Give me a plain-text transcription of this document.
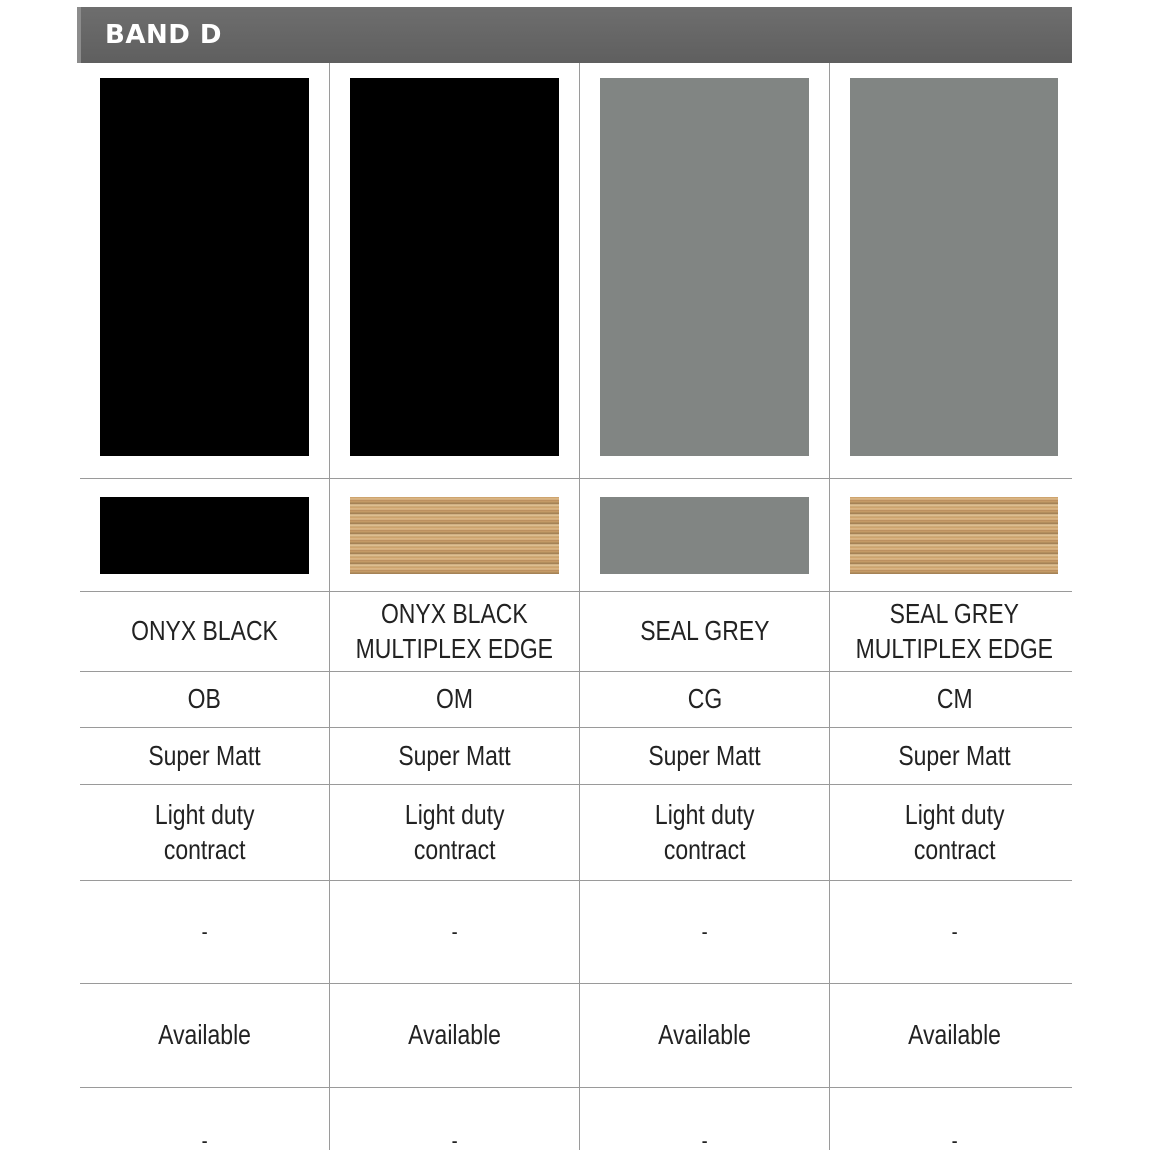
BAND D
ONYX BLACK
OB
Super Matt
Light duty
contract
-
Available
-
ONYX BLACK
MULTIPLEX EDGE
OM
Super Matt
Light duty
contract
-
Available
-
SEAL GREY
CG
Super Matt
Light duty
contract
-
Available
-
SEAL GREY
MULTIPLEX EDGE
CM
Super Matt
Light duty
contract
-
Available
-
